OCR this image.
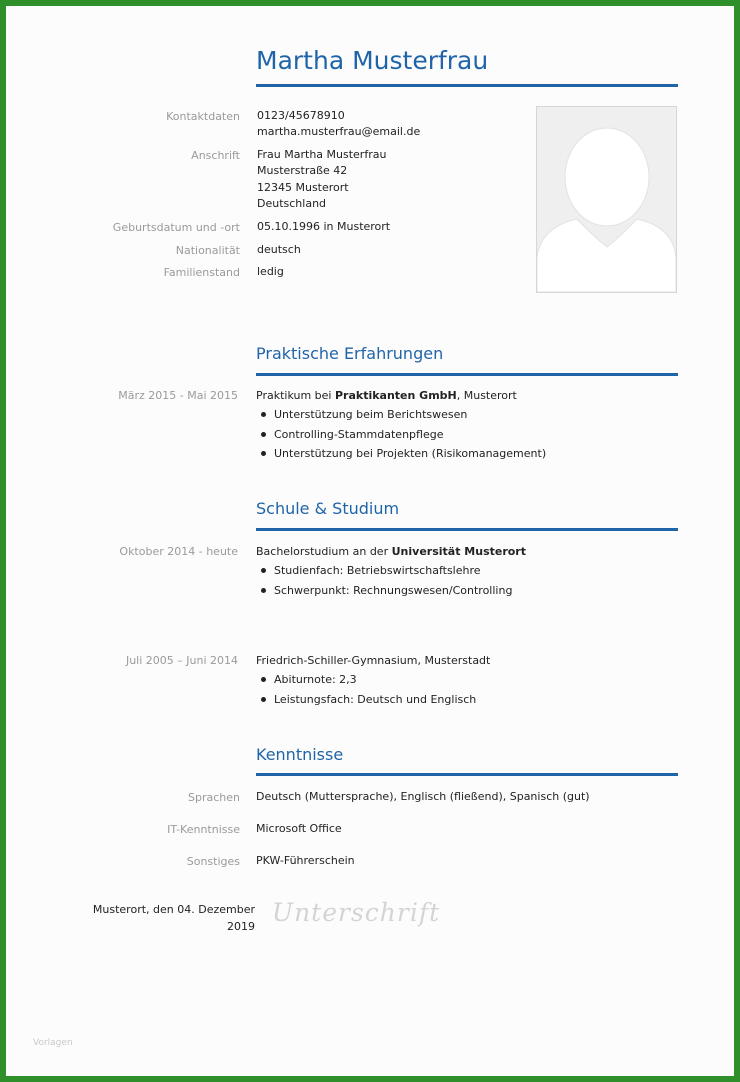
Martha Musterfrau
Kontaktdaten 0123/45678910
martha.musterfrau@email.de
Anschrift Frau Martha Musterfrau
Musterstraße 42
12345 Musterort
Deutschland
Geburtsdatum und -ort 05.10.1996 in Musterort
Nationalität deutsch
Familienstand ledig
Praktische Erfahrungen
März 2015 - Mai 2015 Praktikum bei Praktikanten GmbH, Musterort
Unterstützung beim Berichtswesen
Controlling-Stammdatenpflege
Unterstützung bei Projekten (Risikomanagement)
Schule & Studium
Oktober 2014 - heute Bachelorstudium an der Universität Musterort
Studienfach: Betriebswirtschaftslehre
Schwerpunkt: Rechnungswesen/Controlling
Juli 2005 – Juni 2014 Friedrich-Schiller-Gymnasium, Musterstadt
Abiturnote: 2,3
Leistungsfach: Deutsch und Englisch
Kenntnisse
Sprachen Deutsch (Muttersprache), Englisch (fließend), Spanisch (gut)
IT-Kenntnisse Microsoft Office
Sonstiges PKW-Führerschein
Musterort, den 04. Dezember
2019 Unterschrift
Vorlagen
